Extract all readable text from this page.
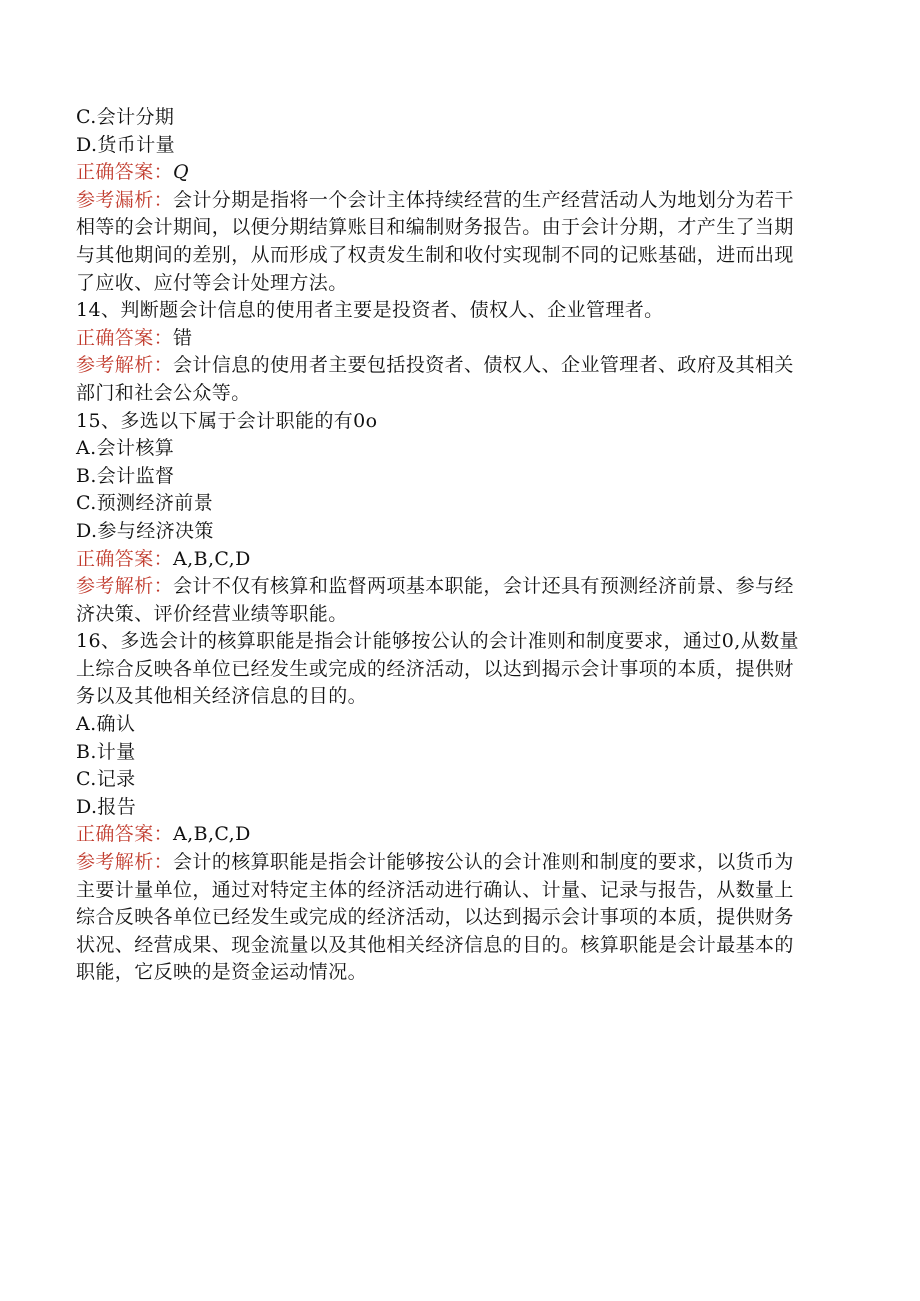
C.会计分期
D.货币计量
正确答案：Q
参考漏析：会计分期是指将一个会计主体持续经营的生产经营活动人为地划分为若干
相等的会计期间，以便分期结算账目和编制财务报告。由于会计分期，才产生了当期
与其他期间的差别，从而形成了权责发生制和收付实现制不同的记账基础，进而出现
了应收、应付等会计处理方法。
14、判断题会计信息的使用者主要是投资者、债权人、企业管理者。
正确答案：错
参考解析：会计信息的使用者主要包括投资者、债权人、企业管理者、政府及其相关
部门和社会公众等。
15、多选以下属于会计职能的有0o
A.会计核算
B.会计监督
C.预测经济前景
D.参与经济决策
正确答案：A,B,C,D
参考解析：会计不仅有核算和监督两项基本职能，会计还具有预测经济前景、参与经
济决策、评价经营业绩等职能。
16、多选会计的核算职能是指会计能够按公认的会计准则和制度要求，通过0,从数量
上综合反映各单位已经发生或完成的经济活动，以达到揭示会计事项的本质，提供财
务以及其他相关经济信息的目的。
A.确认
B.计量
C.记录
D.报告
正确答案：A,B,C,D
参考解析：会计的核算职能是指会计能够按公认的会计准则和制度的要求，以货币为
主要计量单位，通过对特定主体的经济活动进行确认、计量、记录与报告，从数量上
综合反映各单位已经发生或完成的经济活动，以达到揭示会计事项的本质，提供财务
状况、经营成果、现金流量以及其他相关经济信息的目的。核算职能是会计最基本的
职能，它反映的是资金运动情况。
